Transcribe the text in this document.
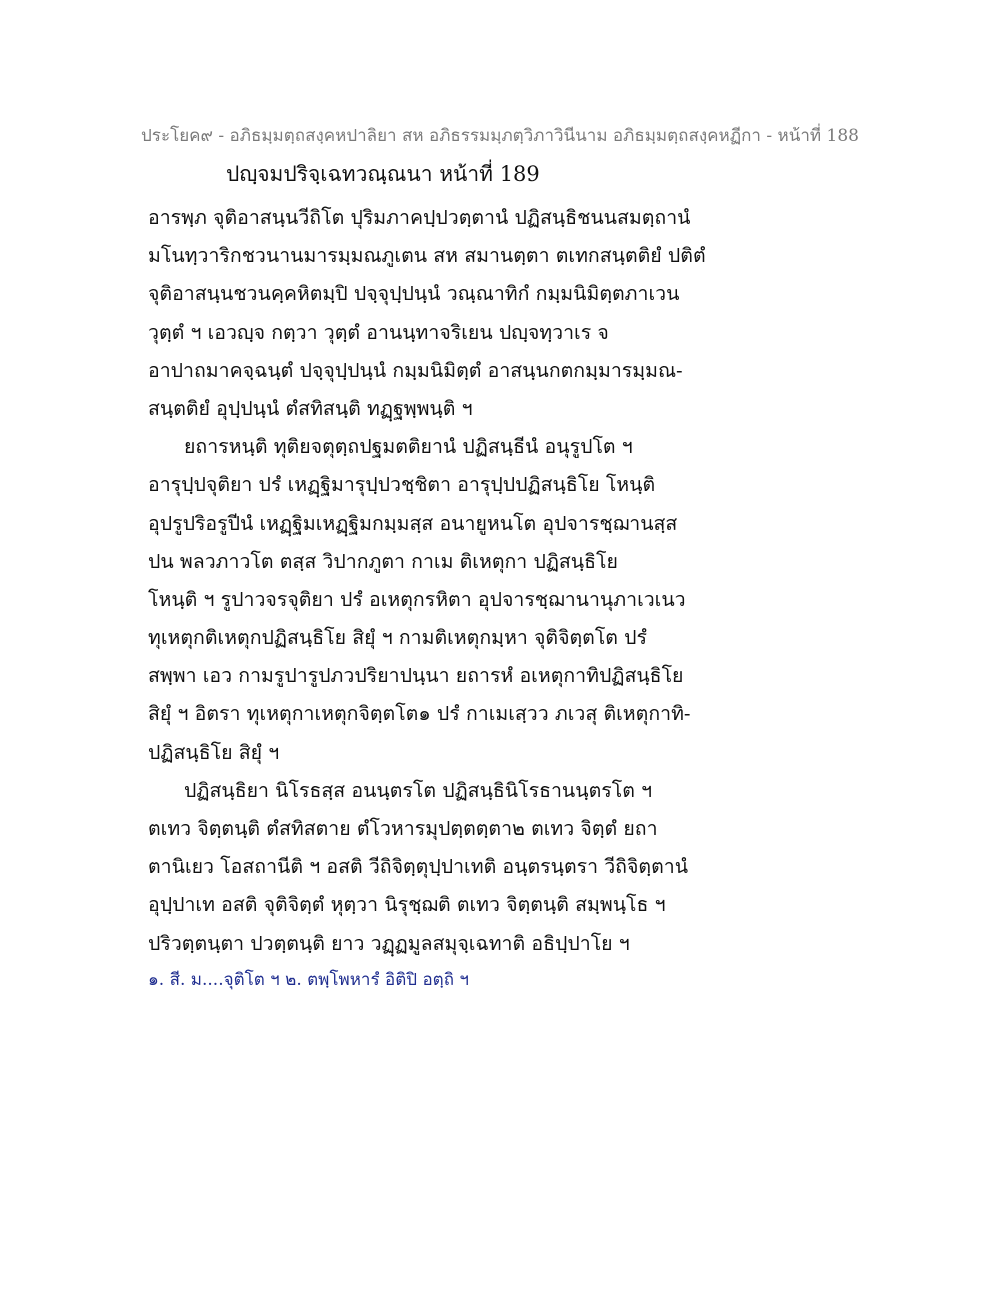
ประโยค๙ - อภิธมฺมตฺถสงฺคหปาลิยา สห อภิธรรมมฺภตฺวิภาวินีนาม อภิธมฺมตฺถสงฺคหฏีกา - หน้าที่ 188
ปญฺจมปริจฺเฉทวณฺณนา หน้าที่ 189
อารพฺภ จุติอาสนฺนวีถิโต ปุริมภาคปฺปวตฺตานํ ปฏิสนฺธิชนนสมตฺถานํ
มโนทฺวาริกชวนานมารมฺมณภูเตน สห สมานตฺตา ตเทกสนฺตติยํ ปติตํ
จุติอาสนฺนชวนคฺคหิตมฺปิ ปจฺจุปฺปนฺนํ วณฺณาทิกํ กมฺมนิมิตฺตภาเวน
วุตฺตํ ฯ เอวญฺจ กตฺวา วุตฺตํ อานนฺทาจริเยน ปญฺจทฺวาเร จ
อาปาถมาคจฺฉนฺตํ ปจฺจุปฺปนฺนํ กมฺมนิมิตฺตํ อาสนฺนกตกมฺมารมฺมณ-
สนฺตติยํ อุปฺปนฺนํ ตํสทิสนฺติ ทฏฺฐพฺพนฺติ ฯ
ยถารหนฺติ ทุติยจตุตฺถปฐมตติยานํ ปฏิสนฺธีนํ อนุรูปโต ฯ
อารุปฺปจุติยา ปรํ เหฏฺฐิมารุปฺปวชฺชิตา อารุปฺปปฏิสนฺธิโย โหนฺติ
อุปรูปริอรูปีนํ เหฏฺฐิมเหฏฺฐิมกมฺมสฺส อนายูหนโต อุปจารชฺฌานสฺส
ปน พลวภาวโต ตสฺส วิปากภูตา กาเม ติเหตุกา ปฏิสนฺธิโย
โหนฺติ ฯ รูปาวจรจุติยา ปรํ อเหตุกรหิตา อุปจารชฺฌานานุภาเวเนว
ทุเหตุกติเหตุกปฏิสนฺธิโย สิยุํ ฯ กามติเหตุกมฺหา จุติจิตฺตโต ปรํ
สพฺพา เอว กามรูปารูปภวปริยาปนฺนา ยถารหํ อเหตุกาทิปฏิสนฺธิโย
สิยุํ ฯ อิตรา ทุเหตุกาเหตุกจิตฺตโต๑ ปรํ กาเมเสฺวว ภเวสุ ติเหตุกาทิ-
ปฏิสนฺธิโย สิยุํ ฯ
ปฏิสนฺธิยา นิโรธสฺส อนนฺตรโต ปฏิสนฺธินิโรธานนฺตรโต ฯ
ตเทว จิตฺตนฺติ ตํสทิสตาย ตํโวหารมุปตฺตตฺตา๒ ตเทว จิตฺตํ ยถา
ตานิเยว โอสถานีติ ฯ อสติ วีถิจิตฺตุปฺปาเทติ อนฺตรนฺตรา วีถิจิตฺตานํ
อุปฺปาเท อสติ จุติจิตฺตํ หุตฺวา นิรุชฺฌติ ตเทว จิตฺตนฺติ สมฺพนฺโธ ฯ
ปริวตฺตนฺตา ปวตฺตนฺติ ยาว วฏฺฏมูลสมุจฺเฉทาติ อธิปฺปาโย ฯ
๑. สี. ม....จุติโต ฯ ๒. ตพฺโพหารํ อิติปิ อตฺถิ ฯ
